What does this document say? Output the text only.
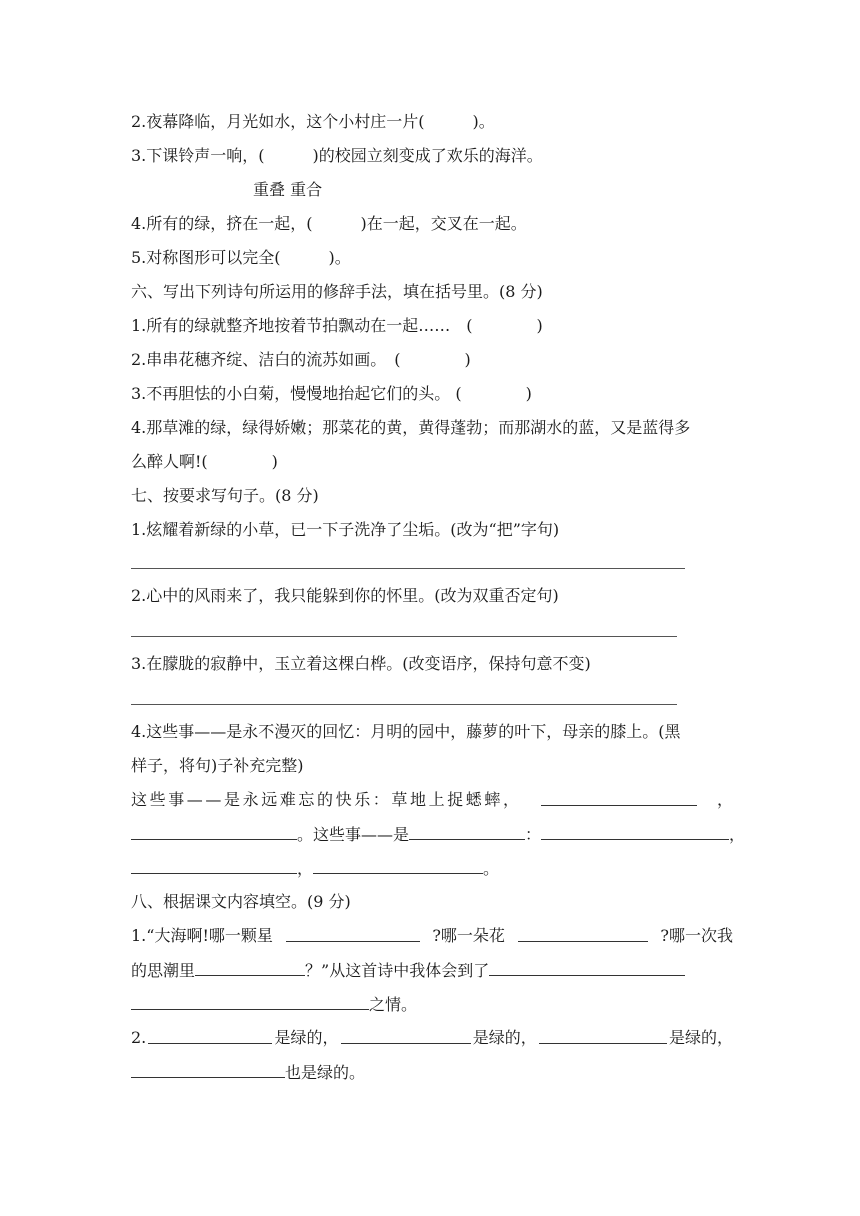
2.夜幕降临，月光如水，这个小村庄一片(　　　)。
3.下课铃声一响，(　　　)的校园立刻变成了欢乐的海洋。
重叠 重合
4.所有的绿，挤在一起，(　　　)在一起，交叉在一起。
5.对称图形可以完全(　　　)。
六、写出下列诗句所运用的修辞手法，填在括号里。(8 分)
1.所有的绿就整齐地按着节拍飘动在一起……　(　　　　)
2.串串花穗齐绽、洁白的流苏如画。　(　　　　)
3.不再胆怯的小白菊，慢慢地抬起它们的头。 (　　　　)
4.那草滩的绿，绿得娇嫩；那菜花的黄，黄得蓬勃；而那湖水的蓝，又是蓝得多
么醉人啊!(　　　　)
七、按要求写句子。(8 分)
1.炫耀着新绿的小草，已一下子洗净了尘垢。(改为“把”字句)
2.心中的风雨来了，我只能躲到你的怀里。(改为双重否定句)
3.在朦胧的寂静中，玉立着这棵白桦。(改变语序，保持句意不变)
4.这些事——是永不漫灭的回忆：月明的园中，藤萝的叶下，母亲的膝上。(黑
样子，将句)子补充完整)
这些事——是永远难忘的快乐：草地上捉蟋蟀，	，
。这些事——是	：	，
，	。
八、根据课文内容填空。(9 分)
1.“大海啊!哪一颗星	?哪一朵花	?哪一次我
的思潮里	？”从这首诗中我体会到了
之情。
2.	是绿的，	是绿的，	是绿的，
也是绿的。
